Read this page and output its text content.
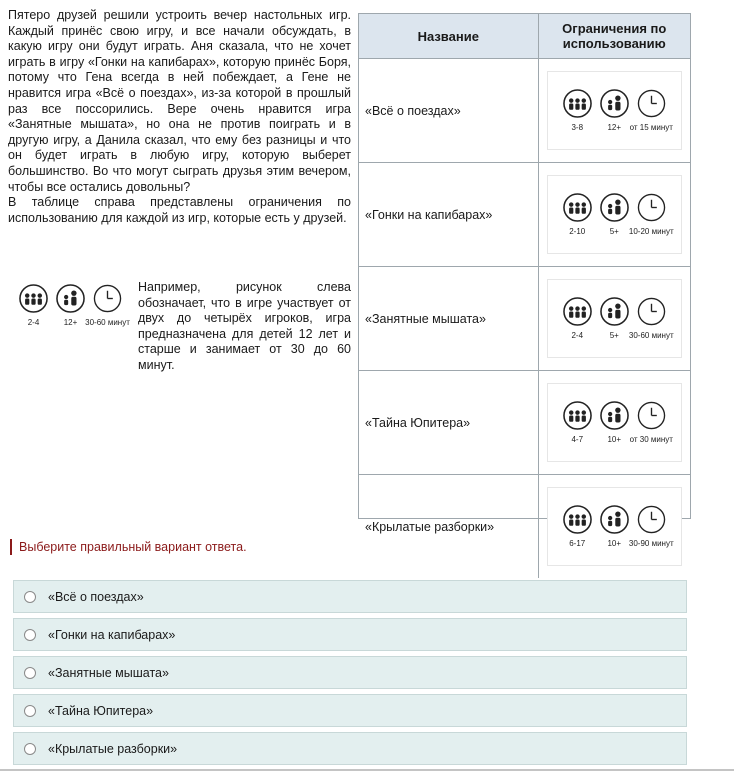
Пятеро друзей решили устроить вечер настольных игр. Каждый принёс свою игру, и все начали обсуждать, в какую игру они будут играть. Аня сказала, что не хочет играть в игру «Гонки на капибарах», которую принёс Боря, потому что Гена всегда в ней побеждает, а Гене не нравится игра «Всё о поездах», из-за которой в прошлый раз все поссорились. Вере очень нравится игра «Занятные мышата», но она не против поиграть и в другую игру, а Данила сказал, что ему без разницы и что он будет играть в любую игру, которую выберет большинство. Во что могут сыграть друзья этим вечером, чтобы все остались довольны?

В таблице справа представлены ограничения по использованию для каждой из игр, которые есть у друзей.

2-4	12+ 30-60 минут
Например, рисунок слева обозначает, что в игре участвует от двух до четырёх игроков, игра предназначена для детей 12 лет и старше и занимает от 30 до 60 минут.
Название	Ограничения по использованию
«Всё о поездах»	3-8 12+ от 15 минут

«Гонки на капибарах»	2-10 5+ 10-20 минут

«Занятные мышата»	2-4 5+ 30-60 минут

«Тайна Юпитера»	4-7 10+ от 30 минут

«Крылатые разборки»	6-17 10+ 30-90 минут
Выберите правильный вариант ответа.
«Всё о поездах»
«Гонки на капибарах»
«Занятные мышата»
«Тайна Юпитера»
«Крылатые разборки»
